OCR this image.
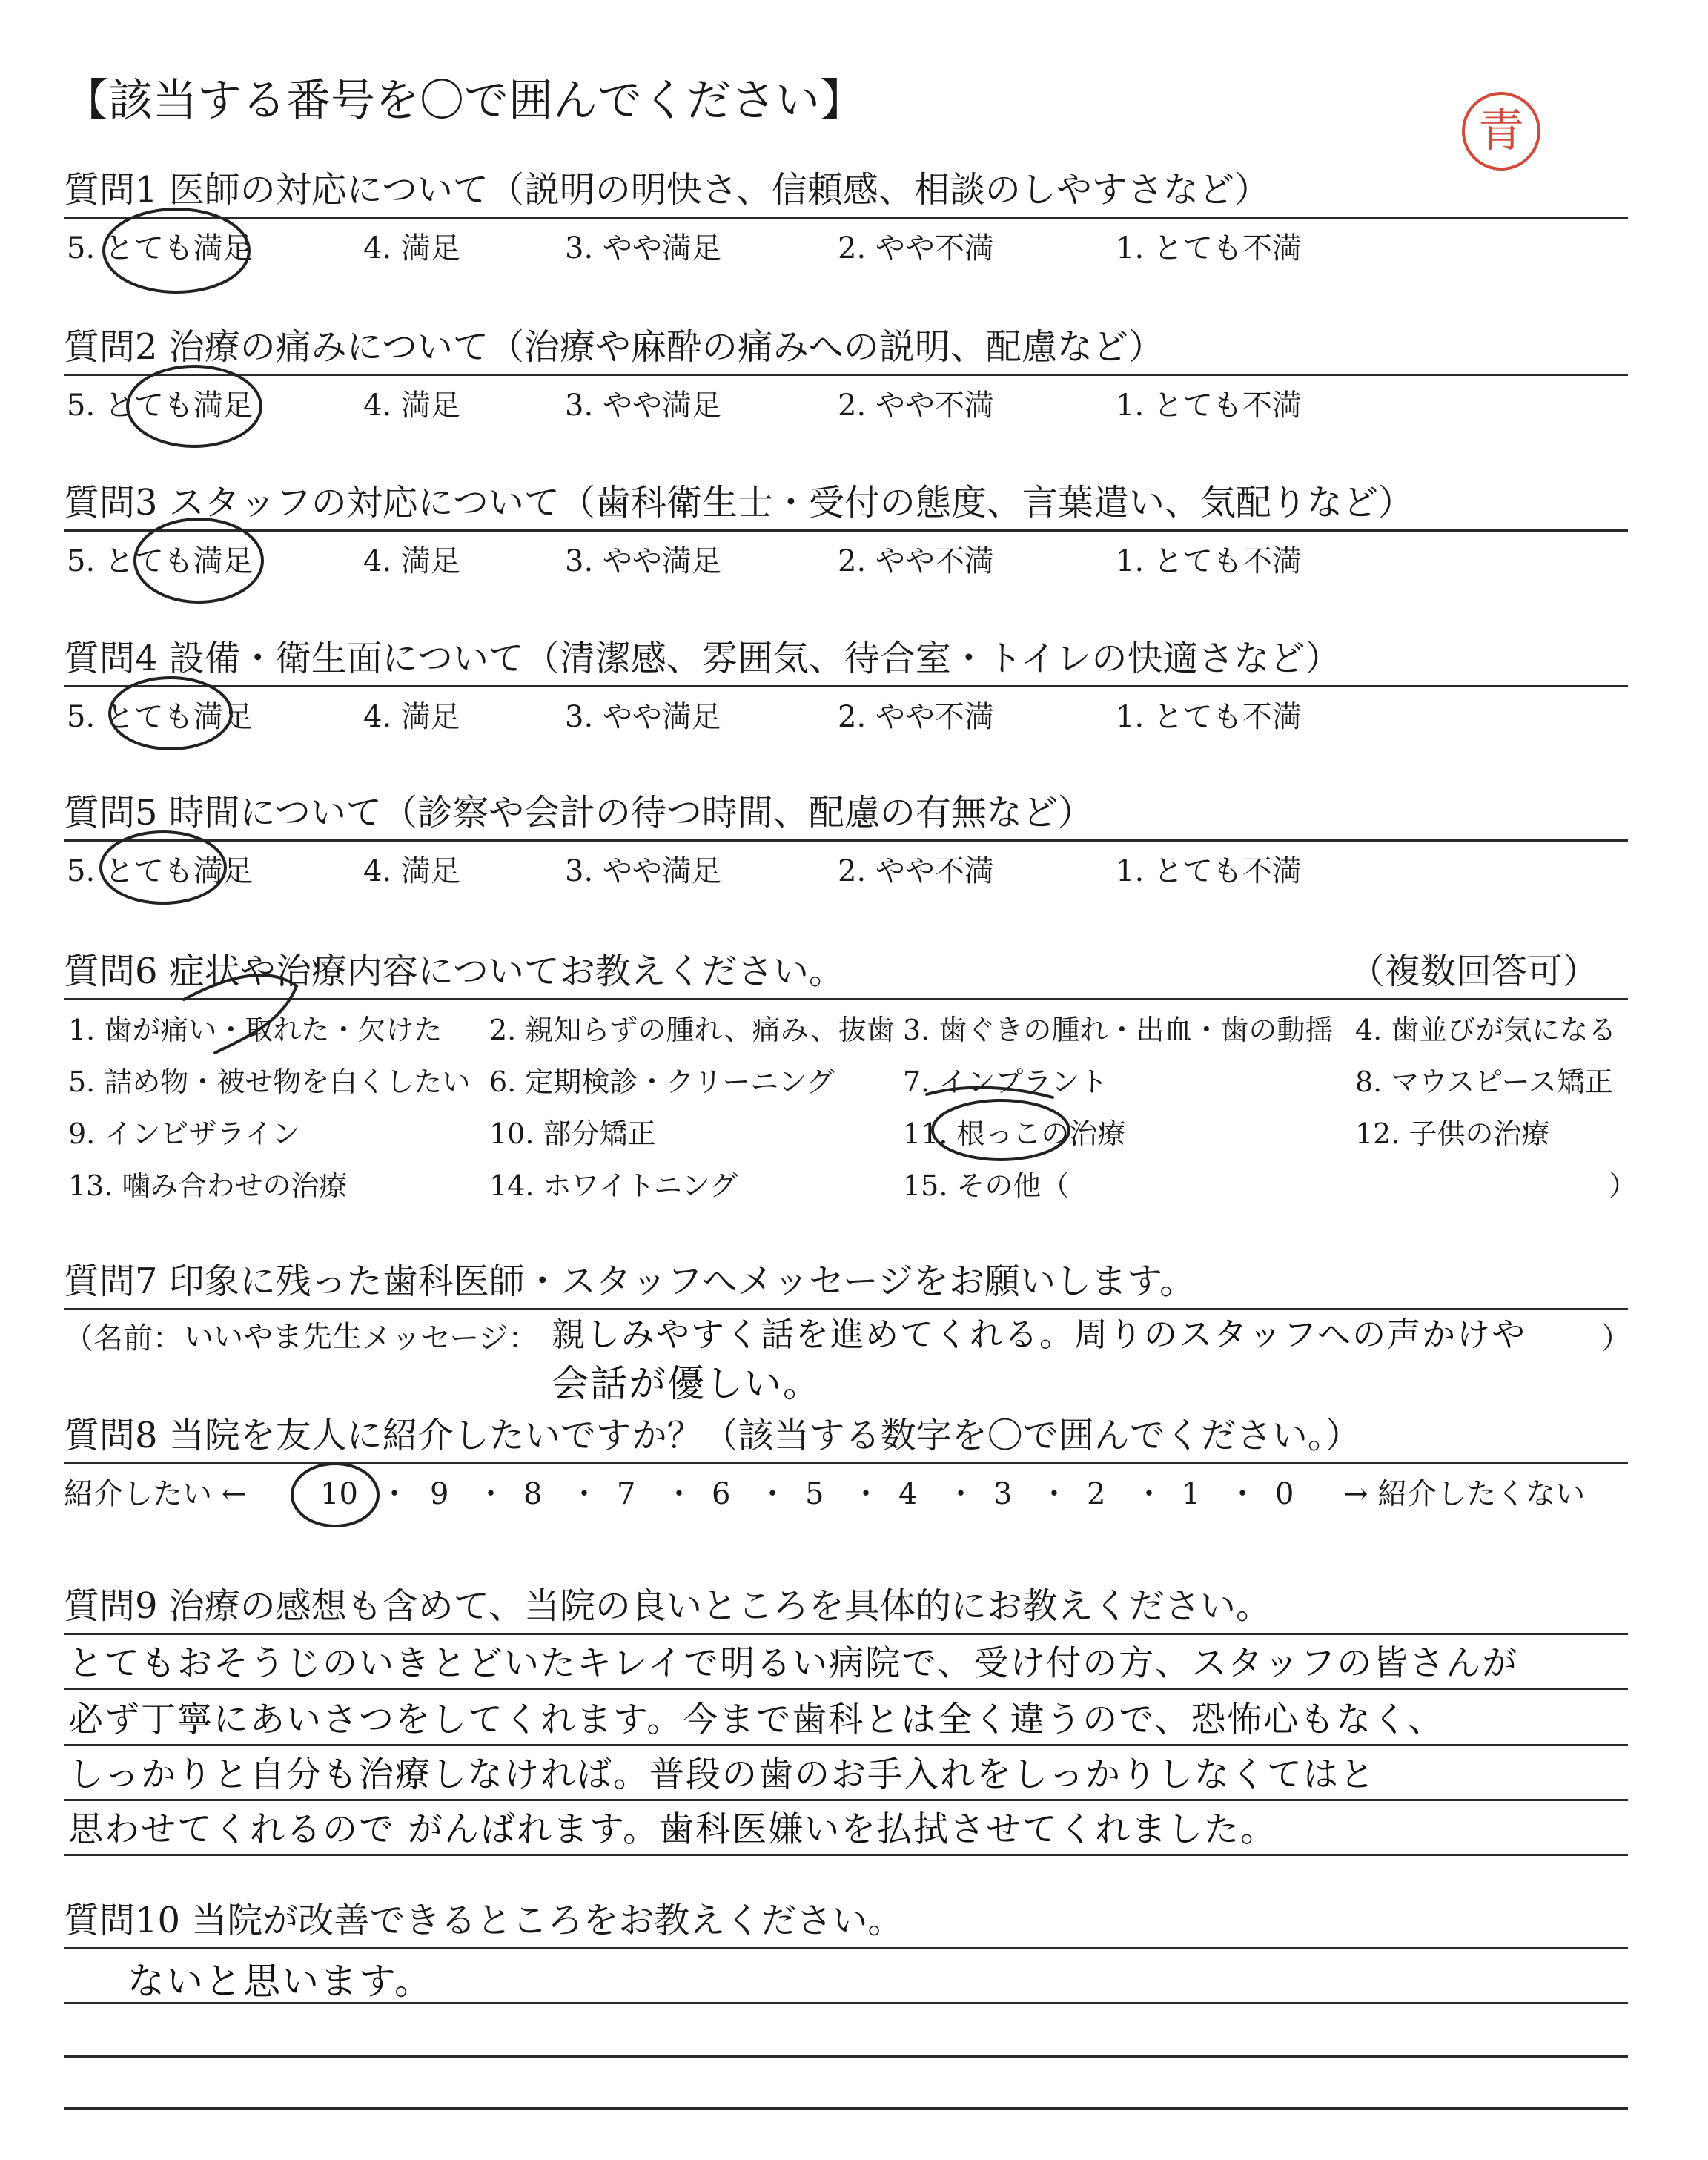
【該当する番号を〇で囲んでください】
青
質問1 医師の対応について（説明の明快さ、信頼感、相談のしやすさなど）
5. とても満足	4. 満足	3. やや満足	2. やや不満	1. とても不満
質問2 治療の痛みについて（治療や麻酔の痛みへの説明、配慮など）
5. とても満足	4. 満足	3. やや満足	2. やや不満	1. とても不満
質問3 スタッフの対応について（歯科衛生士・受付の態度、言葉遣い、気配りなど）
5. とても満足	4. 満足	3. やや満足	2. やや不満	1. とても不満
質問4 設備・衛生面について（清潔感、雰囲気、待合室・トイレの快適さなど）
5. とても満足	4. 満足	3. やや満足	2. やや不満	1. とても不満
質問5 時間について（診察や会計の待つ時間、配慮の有無など）
5. とても満足	4. 満足	3. やや満足	2. やや不満	1. とても不満
質問6 症状や治療内容についてお教えください。	（複数回答可）
1. 歯が痛い・取れた・欠けた 2. 親知らずの腫れ、痛み、抜歯 3. 歯ぐきの腫れ・出血・歯の動揺 4. 歯並びが気になる
5. 詰め物・被せ物を白くしたい 6. 定期検診・クリーニング 7. インプラント	8. マウスピース矯正
9. インビザライン	10. 部分矯正	11. 根っこの治療	12. 子供の治療
13. 噛み合わせの治療	14. ホワイトニング	15. その他（	）
質問7 印象に残った歯科医師・スタッフへメッセージをお願いします。
（名前： いいやま先生 メッセージ： 親しみやすく話を進めてくれる。周りのスタッフへの声かけや	）
会話が優しい。
質問8 当院を友人に紹介したいですか？（該当する数字を〇で囲んでください。）
紹介したい ← 10 ・ 9 ・ 8 ・ 7 ・ 6 ・ 5 ・ 4 ・ 3 ・ 2 ・ 1 ・ 0 → 紹介したくない
質問9 治療の感想も含めて、当院の良いところを具体的にお教えください。
とてもおそうじのいきとどいたキレイで明るい病院で、受け付の方、スタッフの皆さんが
必ず丁寧にあいさつをしてくれます。今まで歯科とは全く違うので、恐怖心もなく、
しっかりと自分も治療しなければ。普段の歯のお手入れをしっかりしなくてはと
思わせてくれるので がんばれます。歯科医嫌いを払拭させてくれました。
質問10 当院が改善できるところをお教えください。
ないと思います。
